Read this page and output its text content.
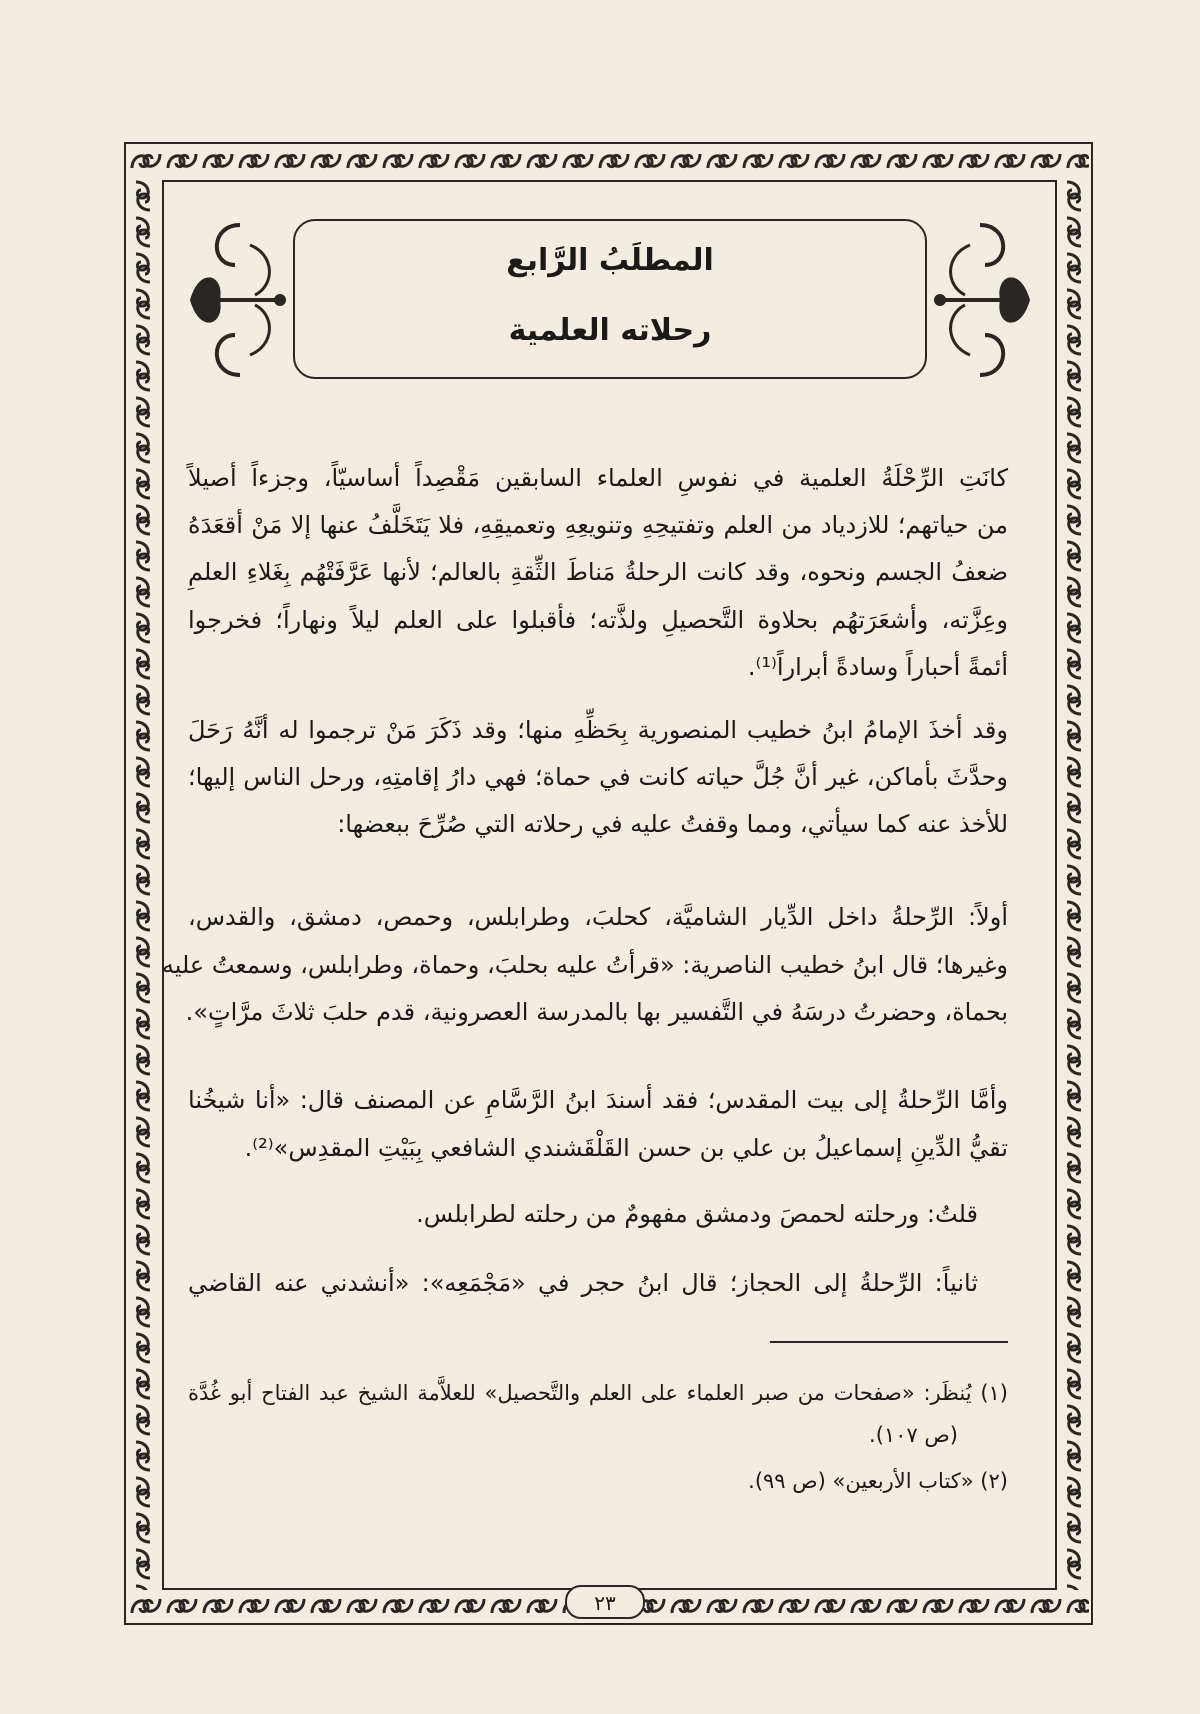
المطلَبُ الرَّابع
رحلاته العلمية
كانَتِ الرِّحْلَةُ العلمية في نفوسِ العلماء السابقين مَقْصِداً أساسيّاً، وجزءاً أصيلاً
من حياتهم؛ للازدياد من العلم وتفتيحِهِ وتنويعِهِ وتعميقِهِ، فلا يَتَخَلَّفُ عنها إلا مَنْ أقعَدَهُ
ضعفُ الجسم ونحوه، وقد كانت الرحلةُ مَناطَ الثِّقةِ بالعالم؛ لأنها عَرَّفَتْهُم بِغَلاءِ العلمِ
وعِزَّته، وأشعَرَتهُم بحلاوة التَّحصيلِ ولذَّته؛ فأقبلوا على العلم ليلاً ونهاراً؛ فخرجوا
أئمةً أحباراً وسادةً أبراراً⁽¹⁾.
وقد أخذَ الإمامُ ابنُ خطيب المنصورية بِحَظِّهِ منها؛ وقد ذَكَرَ مَنْ ترجموا له أنَّهُ رَحَلَ
وحدَّثَ بأماكن، غير أنَّ جُلَّ حياته كانت في حماة؛ فهي دارُ إقامتِهِ، ورحل الناس إليها؛
للأخذ عنه كما سيأتي، ومما وقفتُ عليه في رحلاته التي صُرِّحَ ببعضها:
أولاً: الرِّحلةُ داخل الدِّيار الشاميَّة، كحلبَ، وطرابلس، وحمص، دمشق، والقدس،
وغيرها؛ قال ابنُ خطيب الناصرية: «قرأتُ عليه بحلبَ، وحماة، وطرابلس، وسمعتُ عليه
بحماة، وحضرتُ درسَهُ في التَّفسير بها بالمدرسة العصرونية، قدم حلبَ ثلاثَ مرَّاتٍ».
وأمَّا الرِّحلةُ إلى بيت المقدس؛ فقد أسندَ ابنُ الرَّسَّامِ عن المصنف قال: «أنا شيخُنا
تقيُّ الدِّينِ إسماعيلُ بن علي بن حسن القَلْقَشندي الشافعي بِبَيْتِ المقدِس»⁽²⁾.
قلتُ: ورحلته لحمصَ ودمشق مفهومٌ من رحلته لطرابلس.
ثانياً: الرِّحلةُ إلى الحجاز؛ قال ابنُ حجر في «مَجْمَعِه»: «أنشدني عنه القاضي
(١) يُنظَر: «صفحات من صبر العلماء على العلم والتَّحصيل» للعلاَّمة الشيخ عبد الفتاح أبو غُدَّة
(ص ١٠٧).
(٢) «كتاب الأربعين» (ص ٩٩).
٢٣
